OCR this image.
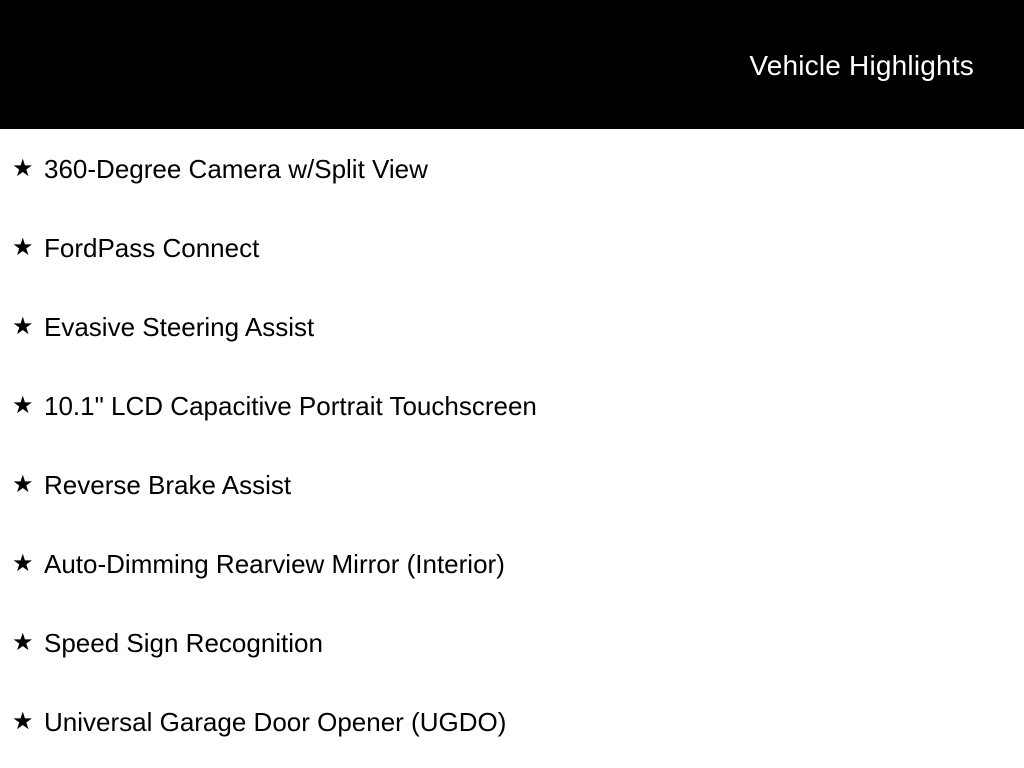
Vehicle Highlights
★ 360-Degree Camera w/Split View
★ FordPass Connect
★ Evasive Steering Assist
★ 10.1" LCD Capacitive Portrait Touchscreen
★ Reverse Brake Assist
★ Auto-Dimming Rearview Mirror (Interior)
★ Speed Sign Recognition
★ Universal Garage Door Opener (UGDO)
